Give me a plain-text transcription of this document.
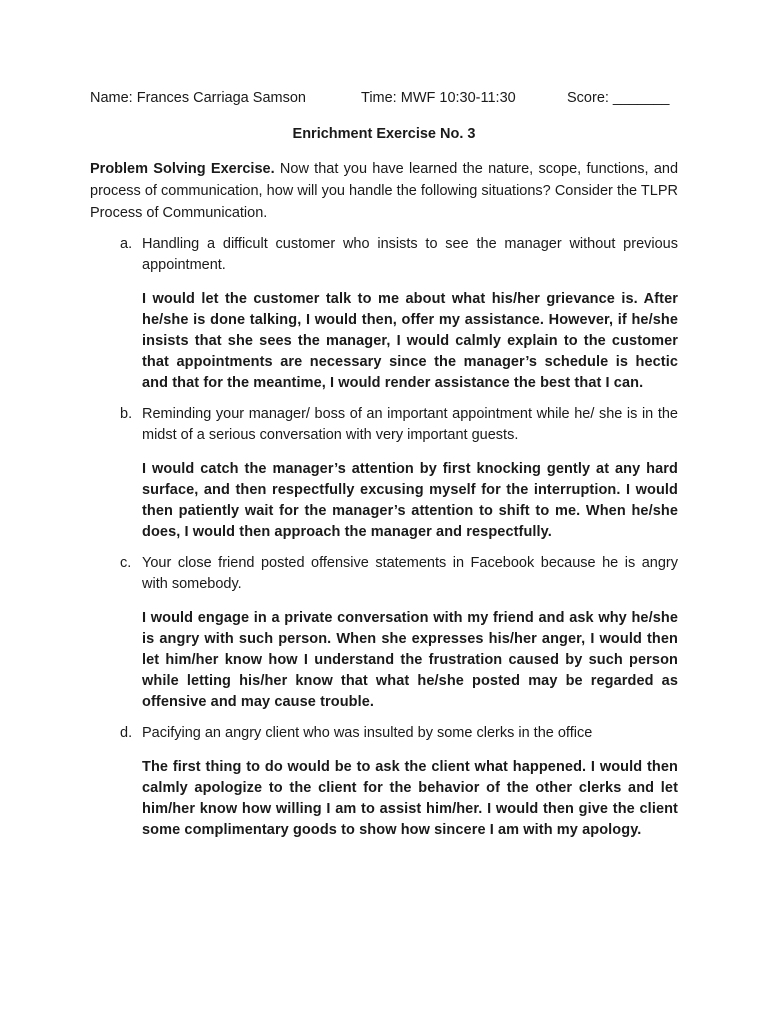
Name: Frances Carriaga Samson	Time: MWF 10:30-11:30	Score: _______
Enrichment Exercise No. 3
Problem Solving Exercise. Now that you have learned the nature, scope, functions, and process of communication, how will you handle the following situations? Consider the TLPR Process of Communication.
a. Handling a difficult customer who insists to see the manager without previous appointment.
I would let the customer talk to me about what his/her grievance is. After he/she is done talking, I would then, offer my assistance. However, if he/she insists that she sees the manager, I would calmly explain to the customer that appointments are necessary since the manager’s schedule is hectic and that for the meantime, I would render assistance the best that I can.
b. Reminding your manager/ boss of an important appointment while he/ she is in the midst of a serious conversation with very important guests.
I would catch the manager’s attention by first knocking gently at any hard surface, and then respectfully excusing myself for the interruption. I would then patiently wait for the manager’s attention to shift to me. When he/she does, I would then approach the manager and respectfully.
c. Your close friend posted offensive statements in Facebook because he is angry with somebody.
I would engage in a private conversation with my friend and ask why he/she is angry with such person. When she expresses his/her anger, I would then let him/her know how I understand the frustration caused by such person while letting his/her know that what he/she posted may be regarded as offensive and may cause trouble.
d. Pacifying an angry client who was insulted by some clerks in the office
The first thing to do would be to ask the client what happened. I would then calmly apologize to the client for the behavior of the other clerks and let him/her know how willing I am to assist him/her. I would then give the client some complimentary goods to show how sincere I am with my apology.
